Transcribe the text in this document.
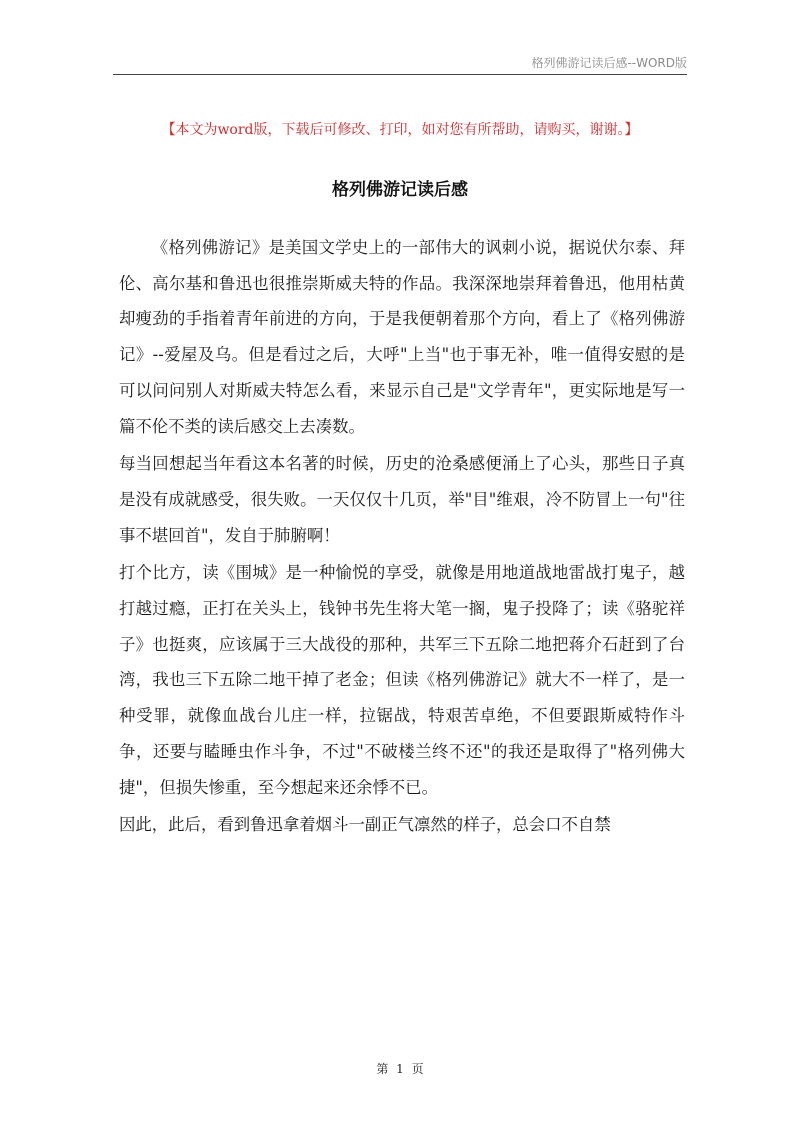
格列佛游记读后感--WORD版
【本文为word版，下载后可修改、打印，如对您有所帮助，请购买，谢谢。】
格列佛游记读后感

《格列佛游记》是美国文学史上的一部伟大的讽刺小说，据说伏尔泰、拜伦、高尔基和鲁迅也很推崇斯威夫特的作品。我深深地崇拜着鲁迅，他用枯黄却瘦劲的手指着青年前进的方向，于是我便朝着那个方向，看上了《格列佛游记》--爱屋及乌。但是看过之后，大呼"上当"也于事无补，唯一值得安慰的是可以问问别人对斯威夫特怎么看，来显示自己是"文学青年"，更实际地是写一篇不伦不类的读后感交上去凑数。

每当回想起当年看这本名著的时候，历史的沧桑感便涌上了心头，那些日子真是没有成就感受，很失败。一天仅仅十几页，举"目"维艰，冷不防冒上一句"往事不堪回首"，发自于肺腑啊！

打个比方，读《围城》是一种愉悦的享受，就像是用地道战地雷战打鬼子，越打越过瘾，正打在关头上，钱钟书先生将大笔一搁，鬼子投降了；读《骆驼祥子》也挺爽，应该属于三大战役的那种，共军三下五除二地把蒋介石赶到了台湾，我也三下五除二地干掉了老金；但读《格列佛游记》就大不一样了，是一种受罪，就像血战台儿庄一样，拉锯战，特艰苦卓绝，不但要跟斯威特作斗争，还要与瞌睡虫作斗争，不过"不破楼兰终不还"的我还是取得了"格列佛大捷"，但损失惨重，至今想起来还余悸不已。

因此，此后，看到鲁迅拿着烟斗一副正气凛然的样子，总会口不自禁

第 1 页
